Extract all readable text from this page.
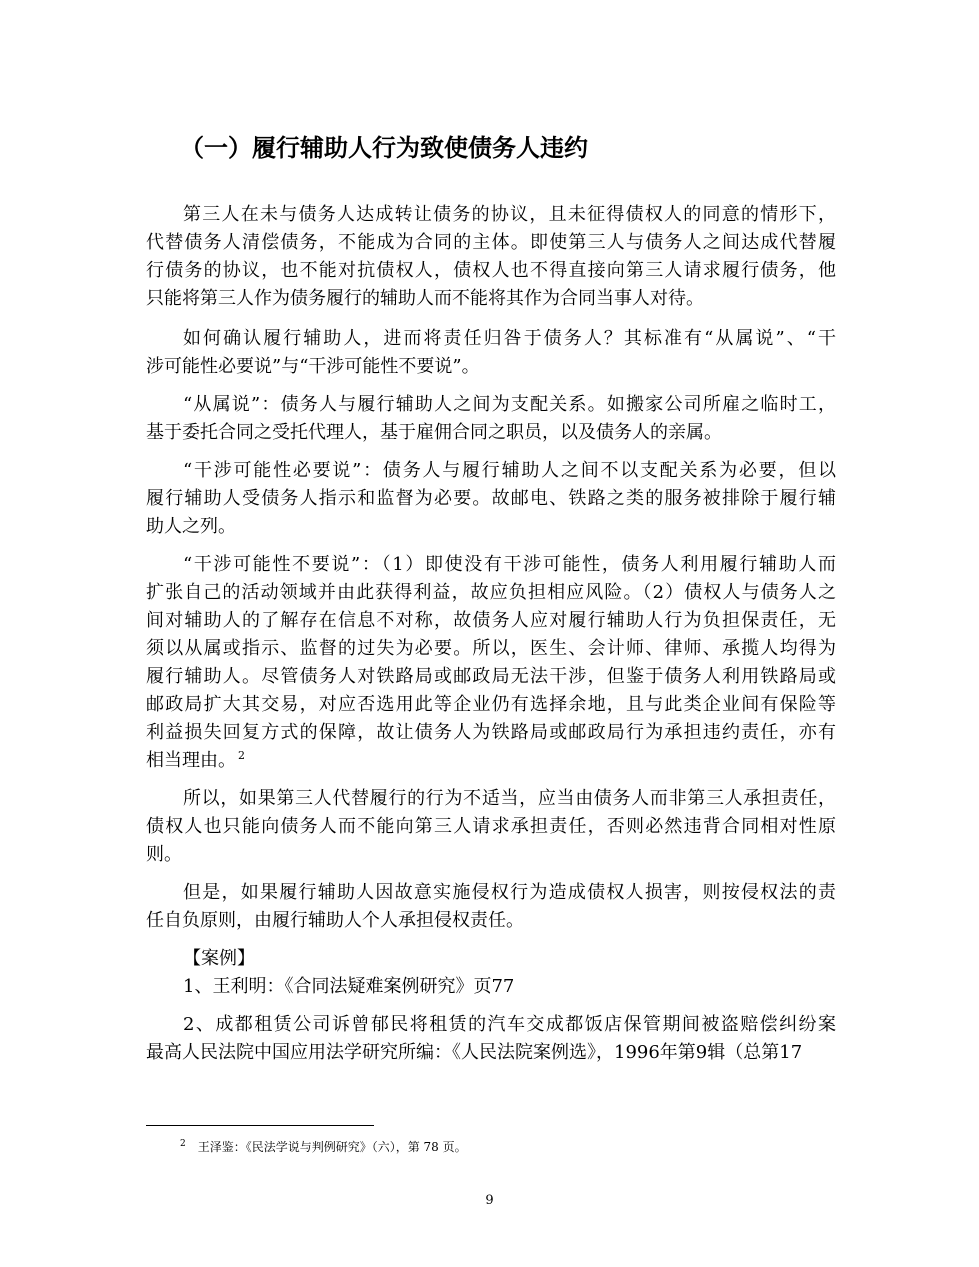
（一）履行辅助人行为致使债务人违约
第三人在未与债务人达成转让债务的协议，且未征得债权人的同意的情形下，
代替债务人清偿债务，不能成为合同的主体。即使第三人与债务人之间达成代替履
行债务的协议，也不能对抗债权人，债权人也不得直接向第三人请求履行债务，他
只能将第三人作为债务履行的辅助人而不能将其作为合同当事人对待。
如何确认履行辅助人，进而将责任归咎于债务人？其标准有“从属说”、“干
涉可能性必要说”与“干涉可能性不要说”。
“从属说”：债务人与履行辅助人之间为支配关系。如搬家公司所雇之临时工，
基于委托合同之受托代理人，基于雇佣合同之职员，以及债务人的亲属。
“干涉可能性必要说”：债务人与履行辅助人之间不以支配关系为必要，但以
履行辅助人受债务人指示和监督为必要。故邮电、铁路之类的服务被排除于履行辅
助人之列。
“干涉可能性不要说”：（1）即使没有干涉可能性，债务人利用履行辅助人而
扩张自己的活动领域并由此获得利益，故应负担相应风险。（2）债权人与债务人之
间对辅助人的了解存在信息不对称，故债务人应对履行辅助人行为负担保责任，无
须以从属或指示、监督的过失为必要。所以，医生、会计师、律师、承揽人均得为
履行辅助人。尽管债务人对铁路局或邮政局无法干涉，但鉴于债务人利用铁路局或
邮政局扩大其交易，对应否选用此等企业仍有选择余地，且与此类企业间有保险等
利益损失回复方式的保障，故让债务人为铁路局或邮政局行为承担违约责任，亦有
相当理由。 $^2$
所以，如果第三人代替履行的行为不适当，应当由债务人而非第三人承担责任，
债权人也只能向债务人而不能向第三人请求承担责任，否则必然违背合同相对性原
则。
但是，如果履行辅助人因故意实施侵权行为造成债权人损害，则按侵权法的责
任自负原则，由履行辅助人个人承担侵权责任。
【案例】
1、王利明：《合同法疑难案例研究》页77
2、成都租赁公司诉曾郁民将租赁的汽车交成都饭店保管期间被盗赔偿纠纷案
最高人民法院中国应用法学研究所编：《人民法院案例选》，1996年第9辑（总第17
$^2$ 王泽鉴：《民法学说与判例研究》（六），第 78 页。
9
